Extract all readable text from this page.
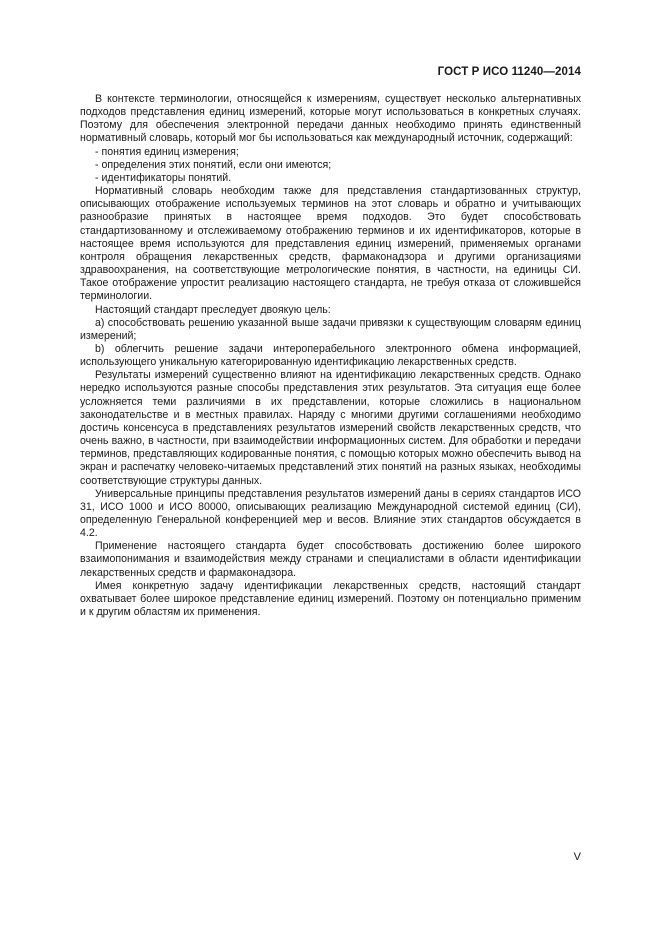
ГОСТ Р ИСО 11240—2014

В контексте терминологии, относящейся к измерениям, существует несколько альтернативных подходов представления единиц измерений, которые могут использоваться в конкретных случаях. Поэтому для обеспечения электронной передачи данных необходимо принять единственный нормативный словарь, который мог бы использоваться как международный источник, содержащий:

- понятия единиц измерения;
- определения этих понятий, если они имеются;
- идентификаторы понятий.

Нормативный словарь необходим также для представления стандартизованных структур, описывающих отображение используемых терминов на этот словарь и обратно и учитывающих разнообразие принятых в настоящее время подходов. Это будет способствовать стандартизованному и отслеживаемому отображению терминов и их идентификаторов, которые в настоящее время используются для представления единиц измерений, применяемых органами контроля обращения лекарственных средств, фармаконадзора и другими организациями здравоохранения, на соответствующие метрологические понятия, в частности, на единицы СИ. Такое отображение упростит реализацию настоящего стандарта, не требуя отказа от сложившейся терминологии.

Настоящий стандарт преследует двоякую цель:

a) способствовать решению указанной выше задачи привязки к существующим словарям единиц измерений;

b) облегчить решение задачи интероперабельного электронного обмена информацией, использующего уникальную категорированную идентификацию лекарственных средств.

Результаты измерений существенно влияют на идентификацию лекарственных средств. Однако нередко используются разные способы представления этих результатов. Эта ситуация еще более усложняется теми различиями в их представлении, которые сложились в национальном законодательстве и в местных правилах. Наряду с многими другими соглашениями необходимо достичь консенсуса в представлениях результатов измерений свойств лекарственных средств, что очень важно, в частности, при взаимодействии информационных систем. Для обработки и передачи терминов, представляющих кодированные понятия, с помощью которых можно обеспечить вывод на экран и распечатку человеко-читаемых представлений этих понятий на разных языках, необходимы соответствующие структуры данных.

Универсальные принципы представления результатов измерений даны в сериях стандартов ИСО 31, ИСО 1000 и ИСО 80000, описывающих реализацию Международной системой единиц (СИ), определенную Генеральной конференцией мер и весов. Влияние этих стандартов обсуждается в 4.2.

Применение настоящего стандарта будет способствовать достижению более широкого взаимопонимания и взаимодействия между странами и специалистами в области идентификации лекарственных средств и фармаконадзора.

Имея конкретную задачу идентификации лекарственных средств, настоящий стандарт охватывает более широкое представление единиц измерений. Поэтому он потенциально применим и к другим областям их применения.

V
